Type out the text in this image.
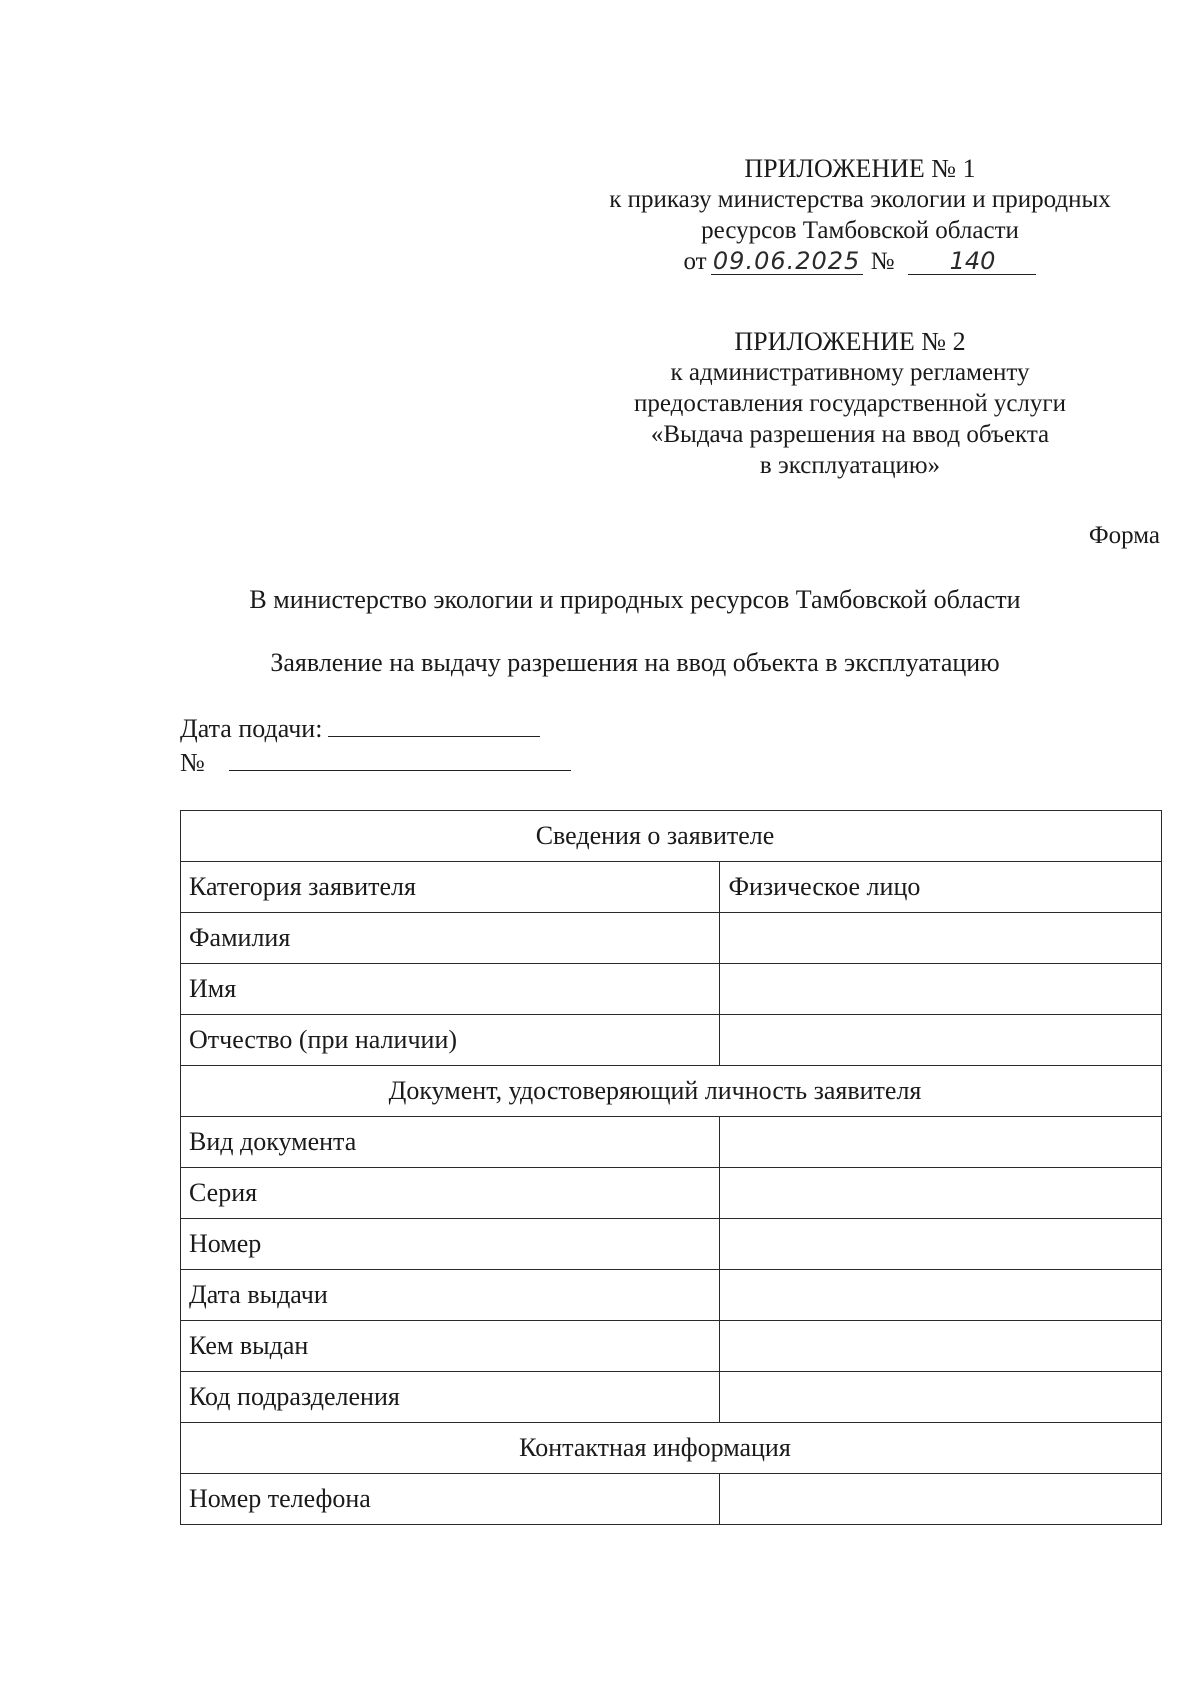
ПРИЛОЖЕНИЕ № 1
к приказу министерства экологии и природных
ресурсов Тамбовской области
от 09.06.2025 № 140
ПРИЛОЖЕНИЕ № 2
к административному регламенту
предоставления государственной услуги
«Выдача разрешения на ввод объекта
в эксплуатацию»
Форма
В министерство экологии и природных ресурсов Тамбовской области
Заявление на выдачу разрешения на ввод объекта в эксплуатацию
Дата подачи:
№
Сведения о заявителе	
Категория заявителя	Физическое лицо
Фамилия	
Имя	
Отчество (при наличии)	
Документ, удостоверяющий личность заявителя	
Вид документа	
Серия	
Номер	
Дата выдачи	
Кем выдан	
Код подразделения	
Контактная информация	
Номер телефона	
